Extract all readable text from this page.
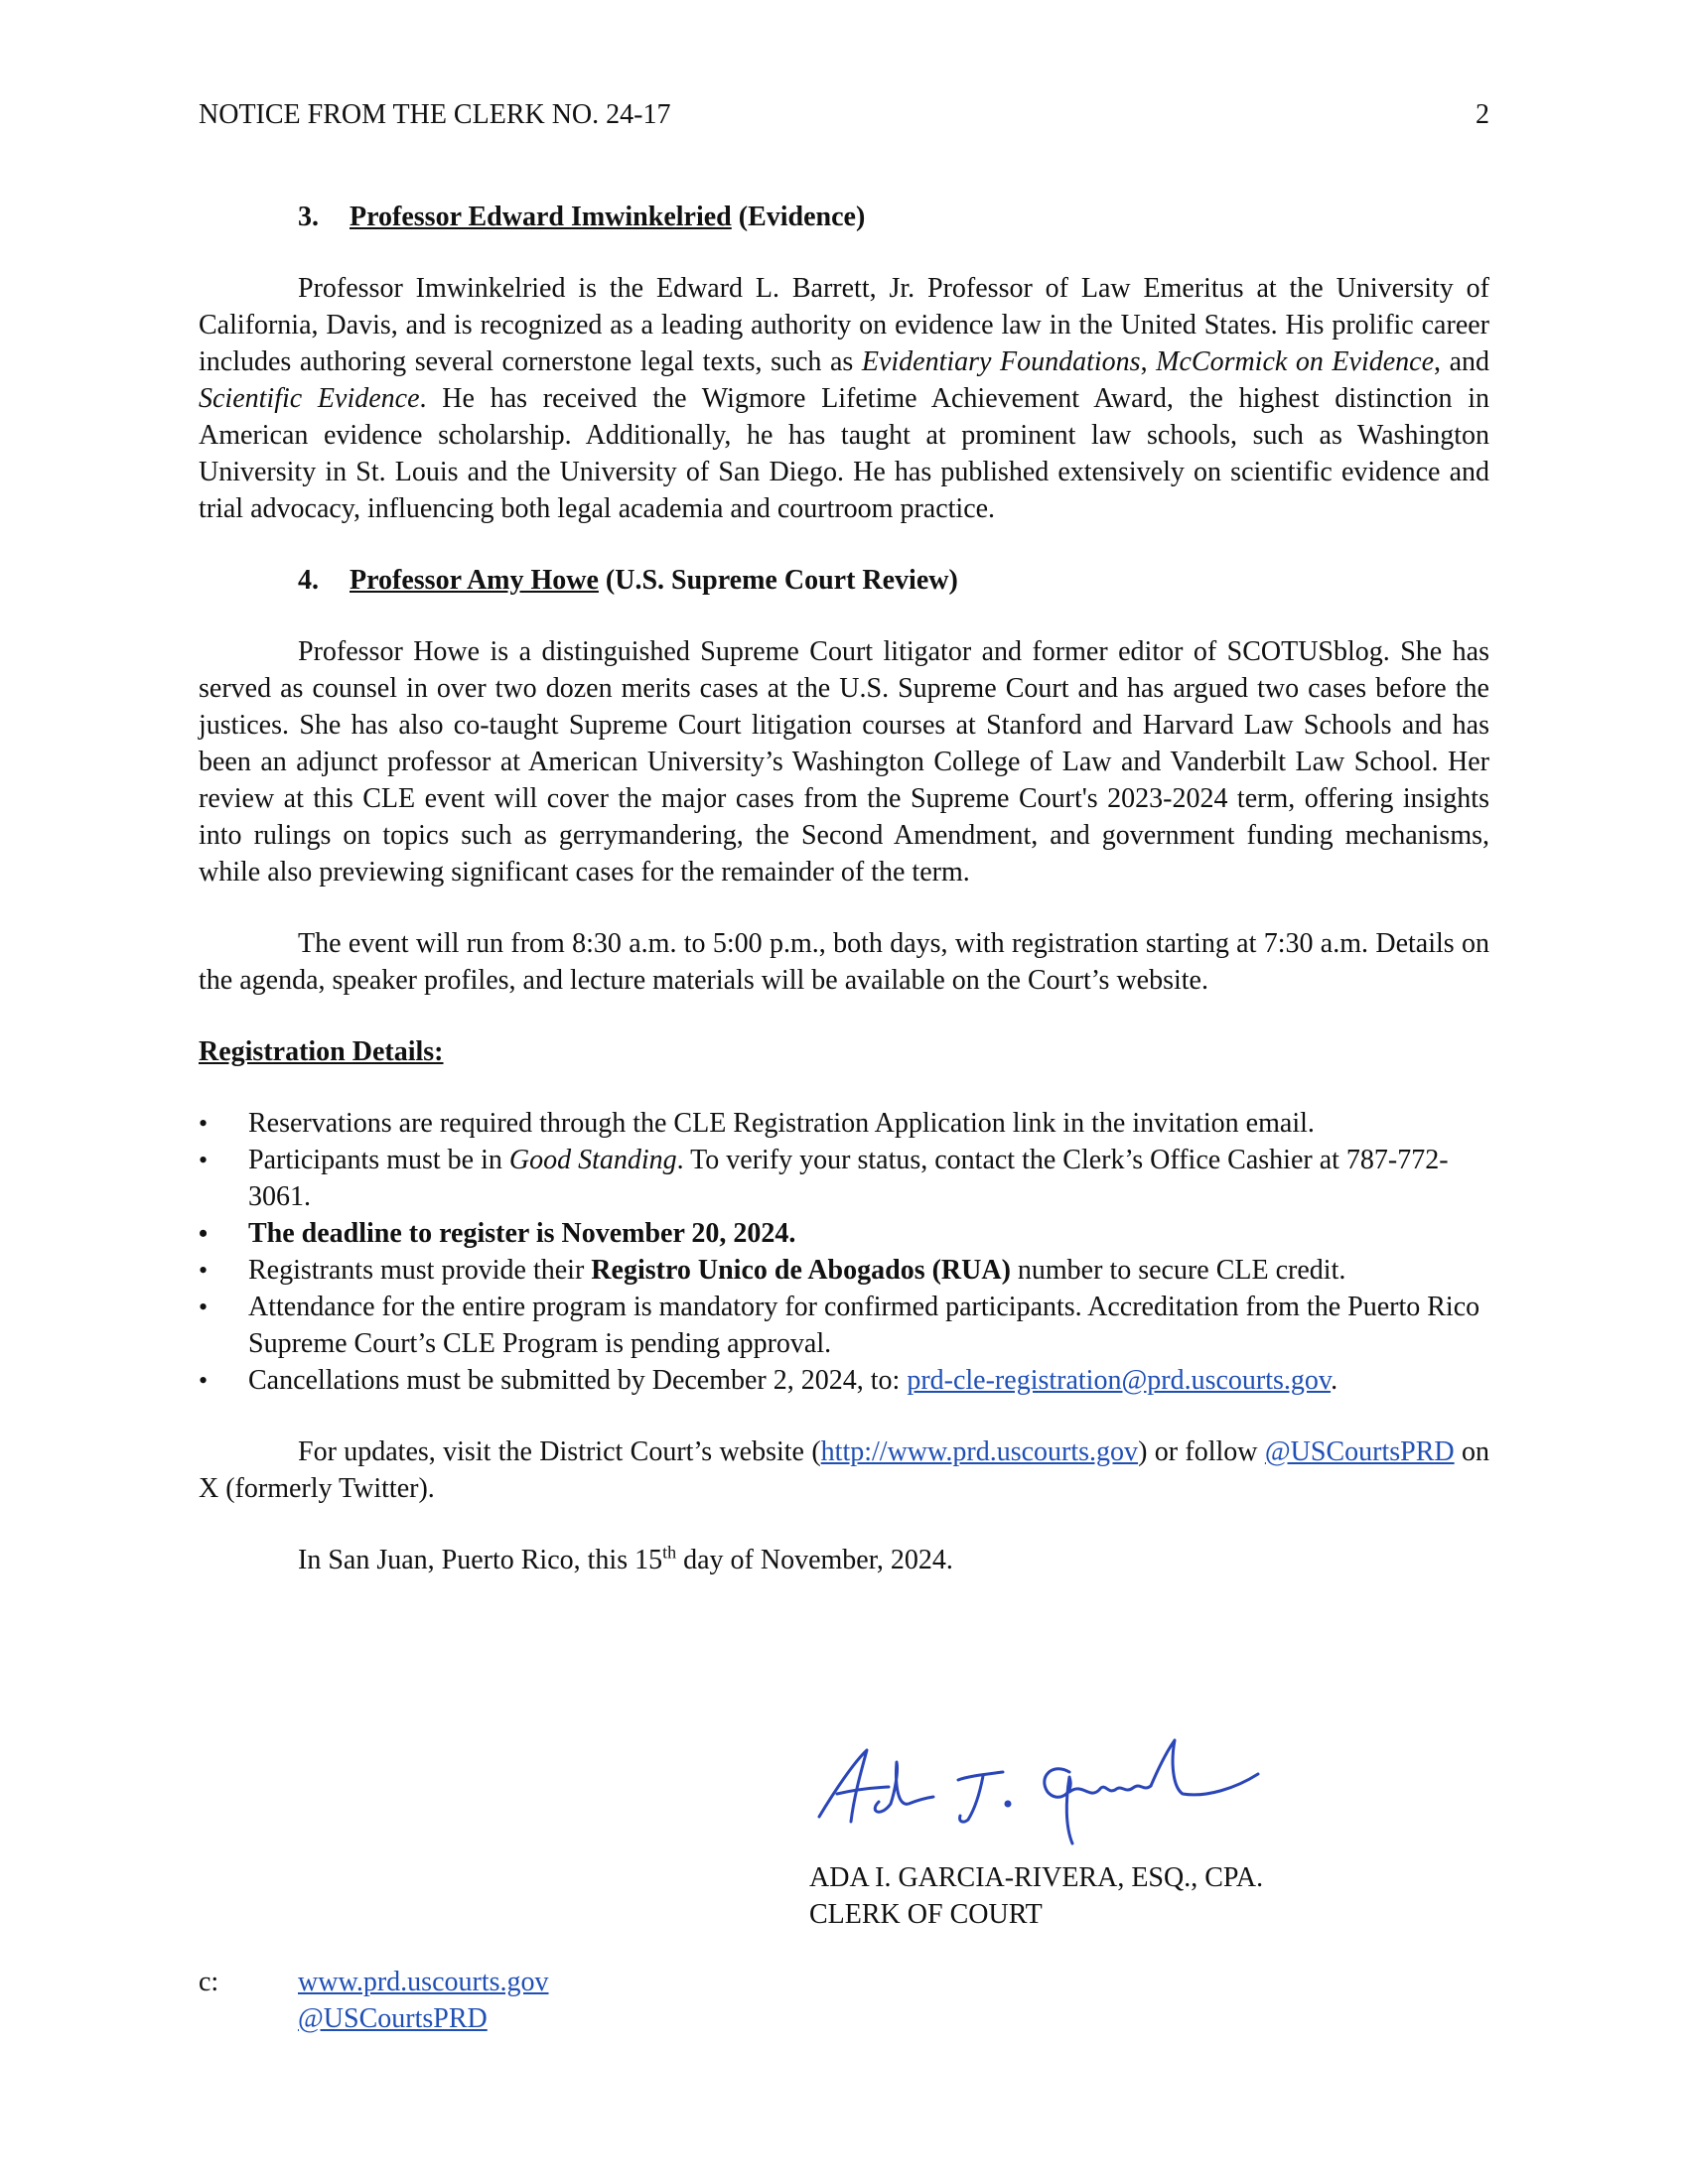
NOTICE FROM THE CLERK NO. 24-17	2
3. Professor Edward Imwinkelried (Evidence)

Professor Imwinkelried is the Edward L. Barrett, Jr. Professor of Law Emeritus at the University of California, Davis, and is recognized as a leading authority on evidence law in the United States. His prolific career includes authoring several cornerstone legal texts, such as Evidentiary Foundations, McCormick on Evidence, and Scientific Evidence. He has received the Wigmore Lifetime Achievement Award, the highest distinction in American evidence scholarship. Additionally, he has taught at prominent law schools, such as Washington University in St. Louis and the University of San Diego. He has published extensively on scientific evidence and trial advocacy, influencing both legal academia and courtroom practice.

4. Professor Amy Howe (U.S. Supreme Court Review)

Professor Howe is a distinguished Supreme Court litigator and former editor of SCOTUSblog. She has served as counsel in over two dozen merits cases at the U.S. Supreme Court and has argued two cases before the justices. She has also co-taught Supreme Court litigation courses at Stanford and Harvard Law Schools and has been an adjunct professor at American University’s Washington College of Law and Vanderbilt Law School. Her review at this CLE event will cover the major cases from the Supreme Court's 2023-2024 term, offering insights into rulings on topics such as gerrymandering, the Second Amendment, and government funding mechanisms, while also previewing significant cases for the remainder of the term.

The event will run from 8:30 a.m. to 5:00 p.m., both days, with registration starting at 7:30 a.m. Details on the agenda, speaker profiles, and lecture materials will be available on the Court’s website.

Registration Details:
• Reservations are required through the CLE Registration Application link in the invitation email.
• Participants must be in Good Standing. To verify your status, contact the Clerk’s Office Cashier at 787-772-3061.
• The deadline to register is November 20, 2024.
• Registrants must provide their Registro Unico de Abogados (RUA) number to secure CLE credit.
• Attendance for the entire program is mandatory for confirmed participants. Accreditation from the Puerto Rico Supreme Court’s CLE Program is pending approval.
• Cancellations must be submitted by December 2, 2024, to: prd-cle-registration@prd.uscourts.gov.

For updates, visit the District Court’s website (http://www.prd.uscourts.gov) or follow @USCourtsPRD on X (formerly Twitter).

In San Juan, Puerto Rico, this 15th day of November, 2024.

ADA I. GARCIA-RIVERA, ESQ., CPA.
CLERK OF COURT
c:	www.prd.uscourts.gov
@USCourtsPRD
